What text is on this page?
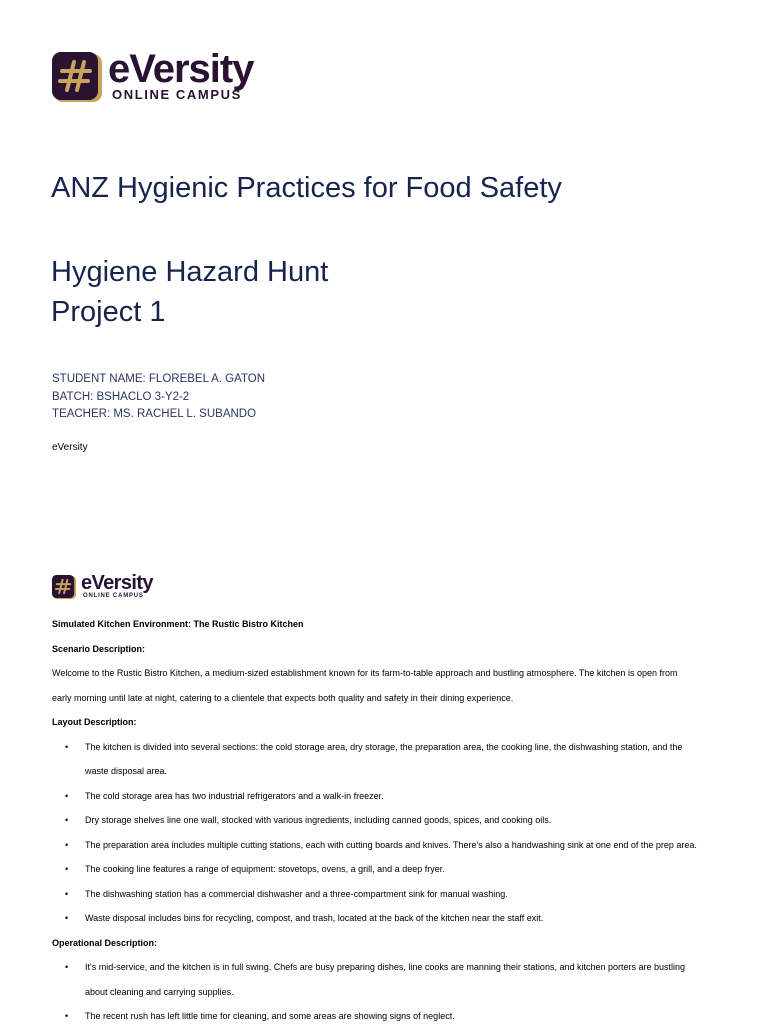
eVersity
ONLINE CAMPUS
ANZ Hygienic Practices for Food Safety
Hygiene Hazard Hunt
Project 1
STUDENT NAME: FLOREBEL A. GATON
BATCH: BSHACLO 3-Y2-2
TEACHER: MS. RACHEL L. SUBANDO
eVersity
eVersity
ONLINE CAMPUS
Simulated Kitchen Environment: The Rustic Bistro Kitchen
Scenario Description:
Welcome to the Rustic Bistro Kitchen, a medium-sized establishment known for its farm-to-table approach and bustling atmosphere. The kitchen is open from
early morning until late at night, catering to a clientele that expects both quality and safety in their dining experience.
Layout Description:
• The kitchen is divided into several sections: the cold storage area, dry storage, the preparation area, the cooking line, the dishwashing station, and the
waste disposal area.
• The cold storage area has two industrial refrigerators and a walk-in freezer.
• Dry storage shelves line one wall, stocked with various ingredients, including canned goods, spices, and cooking oils.
• The preparation area includes multiple cutting stations, each with cutting boards and knives. There's also a handwashing sink at one end of the prep area.
• The cooking line features a range of equipment: stovetops, ovens, a grill, and a deep fryer.
• The dishwashing station has a commercial dishwasher and a three-compartment sink for manual washing.
• Waste disposal includes bins for recycling, compost, and trash, located at the back of the kitchen near the staff exit.
Operational Description:
• It's mid-service, and the kitchen is in full swing. Chefs are busy preparing dishes, line cooks are manning their stations, and kitchen porters are bustling
about cleaning and carrying supplies.
• The recent rush has left little time for cleaning, and some areas are showing signs of neglect.
